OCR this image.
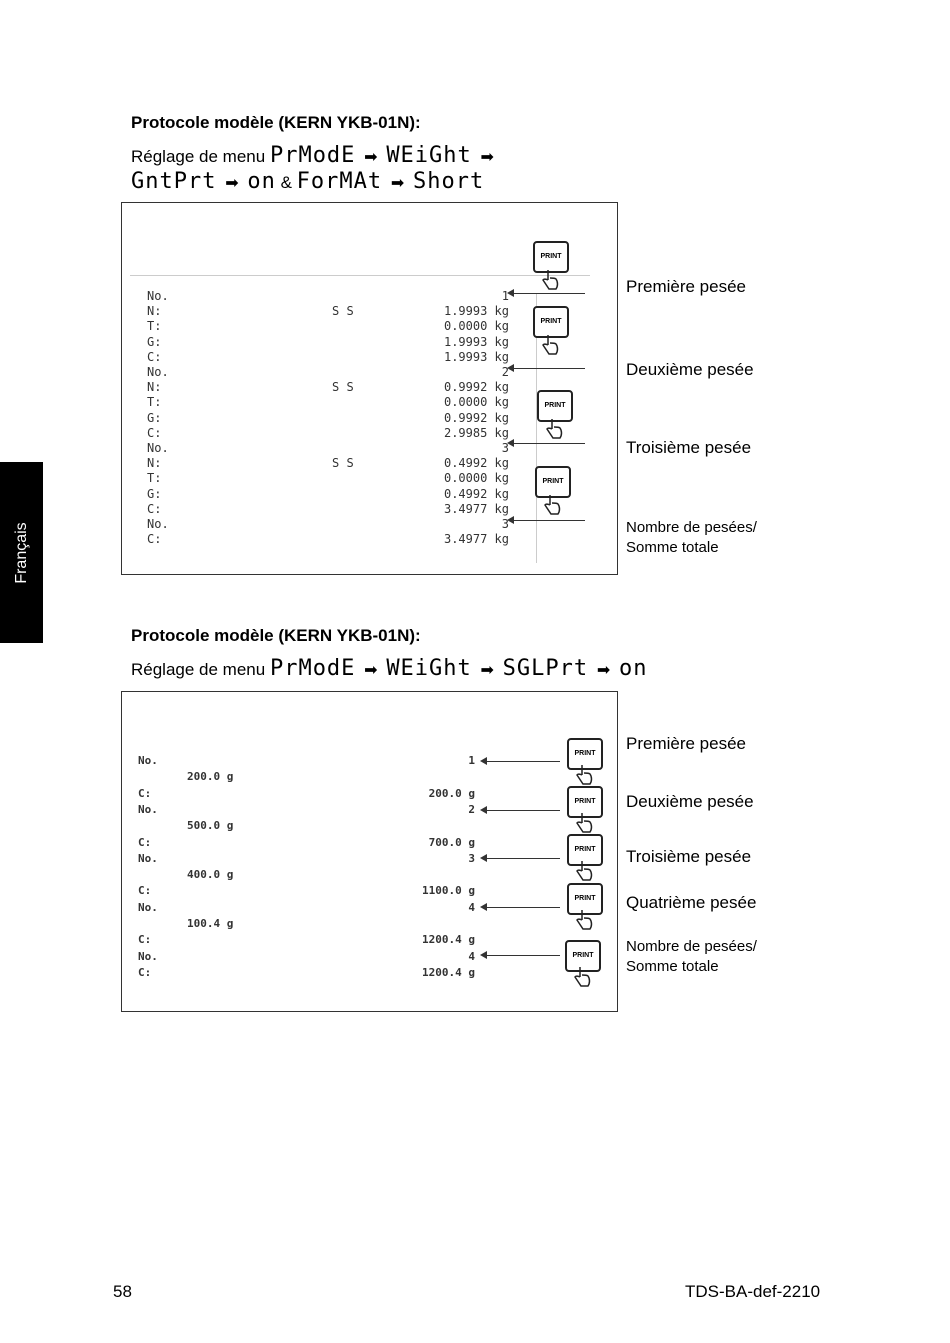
Français
Protocole modèle (KERN YKB-01N):
Réglage de menu PrModE ➡ WEiGht ➡
GntPrt ➡ on & ForMAt ➡ Short
No.	1
N:	S S	1.9993 kg
T:	0.0000 kg
G:	1.9993 kg
C:	1.9993 kg
No.	2
N:	S S	0.9992 kg
T:	0.0000 kg
G:	0.9992 kg
C:	2.9985 kg
No.	3
N:	S S	0.4992 kg
T:	0.0000 kg
G:	0.4992 kg
C:	3.4977 kg
No.	3
C:	3.4977 kg
Protocole modèle (KERN YKB-01N):
Réglage de menu PrModE ➡ WEiGht ➡ SGLPrt ➡ on
No.	1
200.0 g
C:	200.0 g
No.	2
500.0 g
C:	700.0 g
No.	3
400.0 g
C:	1100.0 g
No.	4
100.4 g
C:	1200.4 g
No.	4
C:	1200.4 g
58	TDS-BA-def-2210
PRINT
PRINT
PRINT
PRINT
Première pesée
Deuxième pesée
Troisième pesée
Nombre de pesées/
Somme totale
PRINT
PRINT
PRINT
PRINT
PRINT
Première pesée
Deuxième pesée
Troisième pesée
Quatrième pesée
Nombre de pesées/
Somme totale
